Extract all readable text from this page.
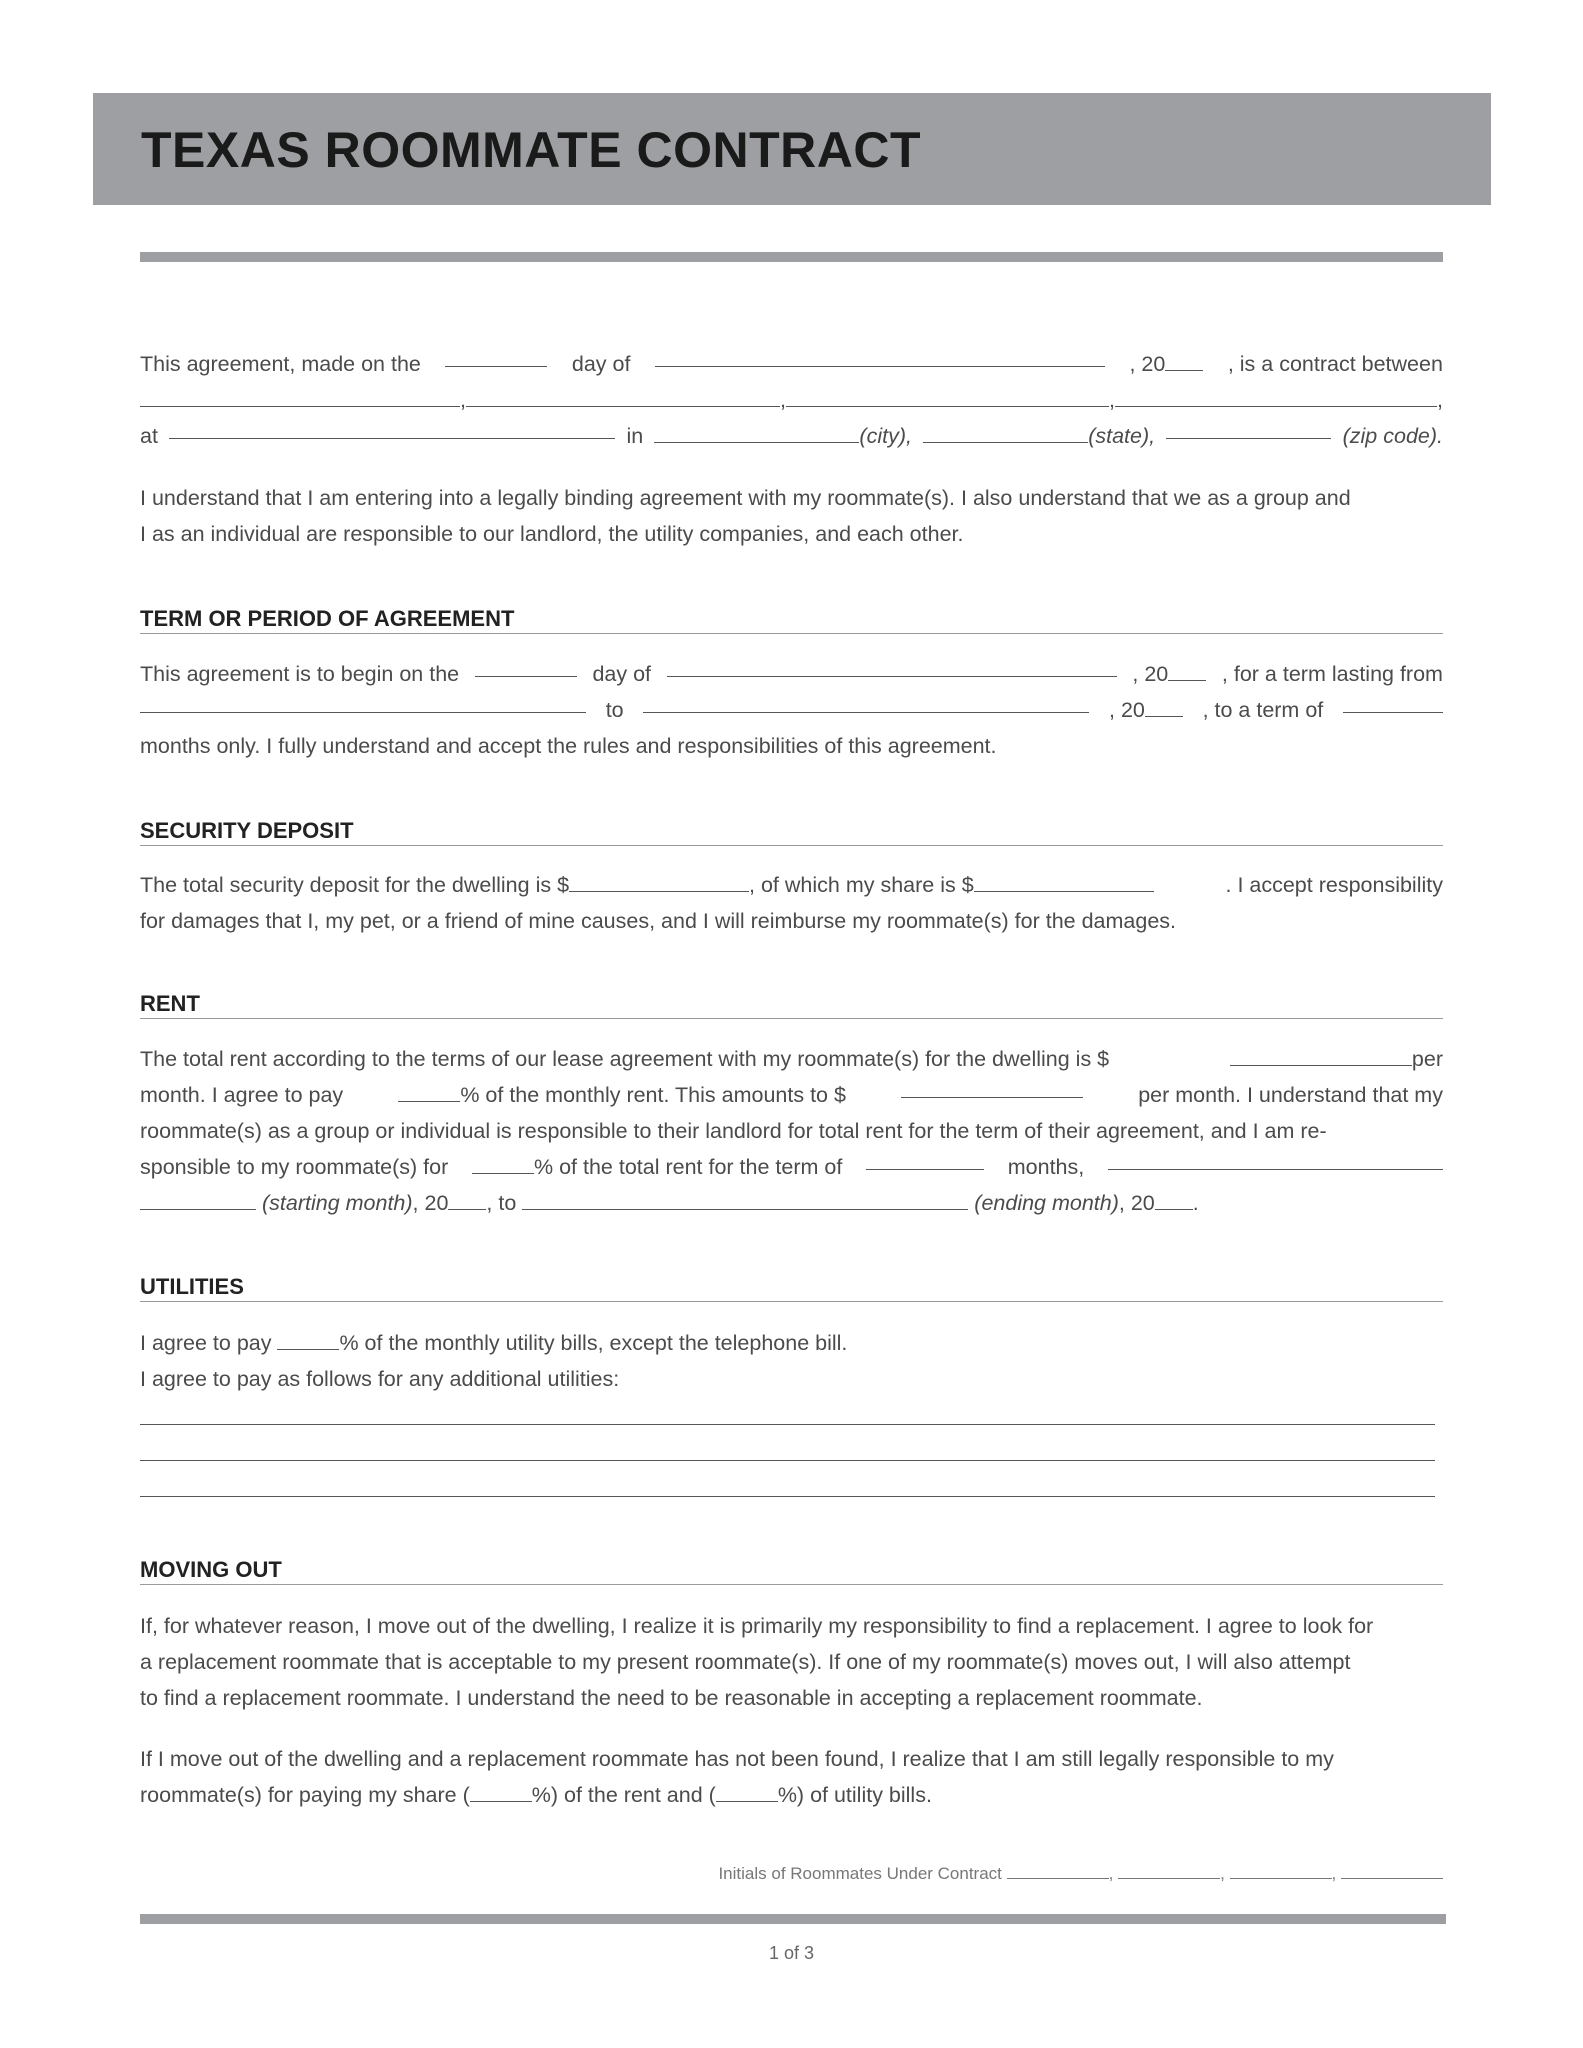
TEXAS ROOMMATE CONTRACT
This agreement, made on the	day of	, 20	, is a contract between
,	,	,	,
at	in	(city),	(state),	(zip code).
I understand that I am entering into a legally binding agreement with my roommate(s). I also understand that we as a group and
I as an individual are responsible to our landlord, the utility companies, and each other.
TERM OR PERIOD OF AGREEMENT
This agreement is to begin on the	day of	, 20	, for a term lasting from
to	, 20	, to a term of
months only. I fully understand and accept the rules and responsibilities of this agreement.
SECURITY DEPOSIT
The total security deposit for the dwelling is $	, of which my share is $	. I accept responsibility
for damages that I, my pet, or a friend of mine causes, and I will reimburse my roommate(s) for the damages.
RENT
The total rent according to the terms of our lease agreement with my roommate(s) for the dwelling is $	per
month. I agree to pay	% of the monthly rent. This amounts to $	per month. I understand that my
roommate(s) as a group or individual is responsible to their landlord for total rent for the term of their agreement, and I am re-
sponsible to my roommate(s) for	% of the total rent for the term of	months,
(starting month), 20 , to	(ending month), 20 .
UTILITIES
I agree to pay	% of the monthly utility bills, except the telephone bill.
I agree to pay as follows for any additional utilities:
MOVING OUT
If, for whatever reason, I move out of the dwelling, I realize it is primarily my responsibility to find a replacement. I agree to look for
a replacement roommate that is acceptable to my present roommate(s). If one of my roommate(s) moves out, I will also attempt
to find a replacement roommate. I understand the need to be reasonable in accepting a replacement roommate.
If I move out of the dwelling and a replacement roommate has not been found, I realize that I am still legally responsible to my
roommate(s) for paying my share (	%) of the rent and (	%) of utility bills.
Initials of Roommates Under Contract	,	,	,
1 of 3
